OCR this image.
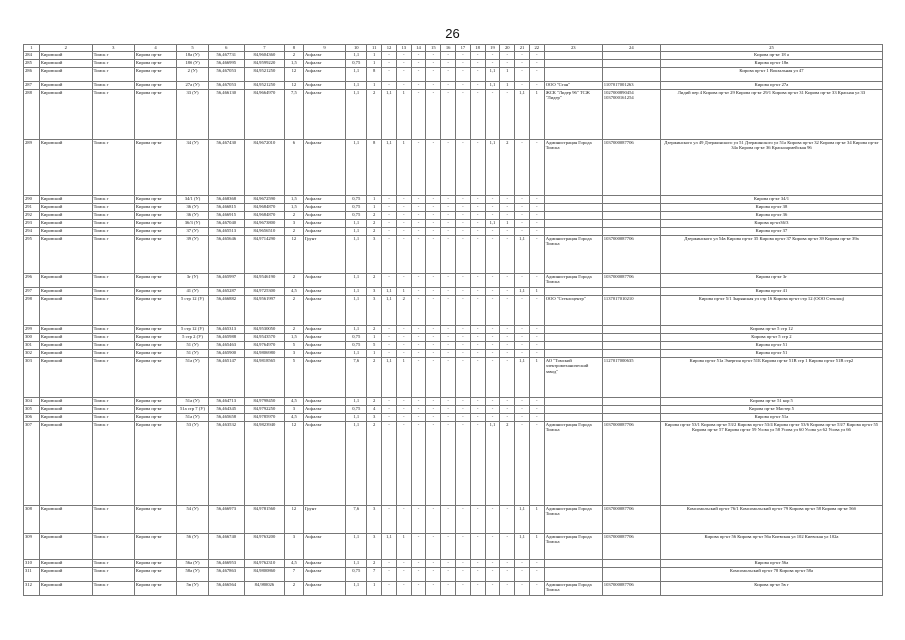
26
1	2	3	4	5	6	7	8	9	10	11	12	13	14	15	16	17	18	19	20	21	22	23	24	25
284	Кировский	Томск г	Кирова пр-кт	18а (У)	56,467731	84,9604360	2	Асфальт	1,1	1	-	-	-	-	-	-	-	-	-	-	-			Кирова пр-кт 18 а
285	Кировский	Томск г	Кирова пр-кт	18б (У)	56,466995	84,9599220	1,5	Асфальт	0,75	1	-	-	-	-	-	-	-	-	-	-	-			Кирова пр-кт 18в
286	Кировский	Томск г	Кирова пр-кт	2 (У)	56,467053	84,9521250	12	Асфальт	1,1	8	-	-	-	-	-	-	-	1,1	1	-	-			Кирова пр-кт 1 Вокзальная ул 47
287	Кировский	Томск г	Кирова пр-кт	27а (У)	56,467053	84,9521250	12	Асфальт	1,1	1	-	-	-	-	-	-	-	1,1	1	-	-	ООО "Стан"	1107017001263	Кирова пр-кт 27а
288	Кировский	Томск г	Кирова пр-кт	33 (У)	56,466130	84,9664970	7,5	Асфальт	1,1	2	1,1	1	-	-	-	-	-	-	-	1,1	1	ЖСК "Лидер 96" ТСЖ "Лидер"	1027000890454 1037000161254	Лидий пер 4 Кирова пр-кт 29 Кирова пр-кт 29/1 Кирова пр-кт 31 Кирова пр-кт 33 Красная ул 33
289	Кировский	Томск г	Кирова пр-кт	34 (У)	56,467430	84,9672010	6	Асфальт	1,1	8	1,1	1	-	-	-	-	-	1,1	2	-	-	Администрация Города Томска	1037000087706	Дзержинского ул 49 Дзержинского ул 51 Дзержинского ул 51а Кирова пр-кт 32 Кирова пр-кт 34 Кирова пр-кт 34а Кирова пр-кт 36 Красноармейская 96
290	Кировский	Томск г	Кирова пр-кт	34/1 (У)	56,468368	84,9672590	1,5	Асфальт	0,75	1	-	-	-	-	-	-	-	-	-	-	-			Кирова пр-кт 34/1
291	Кировский	Томск г	Кирова пр-кт	36 (У)	56,466815	84,9684870	1,5	Асфальт	0,75	1	-	-	-	-	-	-	-	-	-	-	-			Кирова пр-кт 38
292	Кировский	Томск г	Кирова пр-кт	36 (У)	56,466915	84,9684870	2	Асфальт	0,75	2	-	-	-	-	-	-	-	-	-	-	-			Кирова пр-кт 36
293	Кировский	Томск г	Кирова пр-кт	36/3 (У)	56,467040	84,9673800	3	Асфальт	1,1	2	-	-	-	-	-	-	-	1,1	1	-	-			Кирова пр-кт36/3
294	Кировский	Томск г	Кирова пр-кт	37 (У)	56,465513	84,9656510	2	Асфальт	1,1	2	-	-	-	-	-	-	-	-	-	-	-			Кирова пр-кт 37
295	Кировский	Томск г	Кирова пр-кт	39 (У)	56,465646	84,9714290	12	Грунт	1,1	3	-	-	-	-	-	-	-	-	-	1,1	-	Администрация Города Томска	1037000087706	Дзержинского ул 54в Кирова пр-кт 35 Кирова пр-кт 37 Кирова пр-кт 39 Кирова пр-кт 39а
296	Кировский	Томск г	Кирова пр-кт	3г (У)	56,465997	84,9546190	2	Асфальт	1,1	2	-	-	-	-	-	-	-	-	-	-	-	Администрация Города Томска	1037000087706	Кирова пр-кт 3г
297	Кировский	Томск г	Кирова пр-кт	41 (У)	56,465287	84,9725300	4,5	Асфальт	1,1	3	1,1	1	-	-	-	-	-	-	-	1,1	1			Кирова пр-кт 41
298	Кировский	Томск г	Кирова пр-кт	5 стр 12 (У)	56,466882	84,9561997	2	Асфальт	1,1	3	1,1	2	-	-	-	-	-	-	-	-	-	ООО "Стеклоцентр"	1137017010210	Кирова пр-кт 5/1 Зырянская ул стр 16 Кирова пр-кт стр 12 (ООО Стеклоц)
299	Кировский	Томск г	Кирова пр-кт	5 стр 12 (У)	56,465313	84,9530050	2	Асфальт	1,1	2	-	-	-	-	-	-	-	-	-	-	-			Кирова пр-кт 5 стр 12
300	Кировский	Томск г	Кирова пр-кт	5 стр 2 (У)	56,465988	84,9543570	1,5	Асфальт	0,75	1	-	-	-	-	-	-	-	-	-	-	-			Кирова пр-кт 5 стр 2
301	Кировский	Томск г	Кирова пр-кт	51 (У)	56,465463	84,9764970	5	Асфальт	0,75	5	-	-	-	-	-	-	-	-	-	-	-			Кирова пр-кт 51
302	Кировский	Томск г	Кирова пр-кт	51 (У)	56,465900	84,9806980	3	Асфальт	1,1	1	-	-	-	-	-	-	-	-	-	-	-			Кирова пр-кт 51
303	Кировский	Томск г	Кирова пр-кт	51а (У)	56,465147	84,9818565	5	Асфальт	7,6	2	1,1	1	-	-	-	-	-	-	-	1,1	1	АО "Томский электромеханический завод"	1127017000635	Кирова пр-кт 51а Энергия пр-кт 51Б Кирова пр-кт 51В стр 1 Кирова пр-кт 51В стр2
304	Кировский	Томск г	Кирова пр-кт	51а (У)	56,464713	84,9798450	4,5	Асфальт	1,1	2	-	-	-	-	-	-	-	-	-	-	-			Кирова пр-кт 51 кор 5
305	Кировский	Томск г	Кирова пр-кт	51а стр 7 (У)	56,464345	84,9792250	3	Асфальт	0,75	4	-	-	-	-	-	-	-	-	-	-	-			Кирова пр-кт Мастер 5
306	Кировский	Томск г	Кирова пр-кт	51а (У)	56,465658	84,9785970	4,5	Асфальт	1,1	3	-	-	-	-	-	-	-	-	-	-	-			Кирова пр-кт 51а
307	Кировский	Томск г	Кирова пр-кт	53 (У)	56,463532	84,9823940	12	Асфальт	1,1	2	-	-	-	-	-	-	-	1,1	2	-	-	Администрация Города Томска	1037000087706	Кирова пр-кт 53/1 Кирова пр-кт 53/2 Кирова пр-кт 53/4 Кирова пр-кт 53/6 Кирова пр-кт 53/7 Кирова пр-кт 55 Кирова пр-кт 57 Кирова пр-кт 59 Усова ул 58 Усова ул 60 Усова ул 62 Усова ул 66
308	Кировский	Томск г	Кирова пр-кт	54 (У)	56,466973	84,9781560	12	Грунт	7,6	3	-	-	-	-	-	-	-	-	-	1,1	1	Администрация Города Томска	1037000087706	Комсомольский пр-кт 76/1 Комсомольский пр-кт 79 Кирова пр-кт 58 Кирова пр-кт 56б
309	Кировский	Томск г	Кирова пр-кт	56 (У)	56,466740	84,9763200	3	Асфальт	1,1	3	1,1	1	-	-	-	-	-	-	-	1,1	1	Администрация Города Томска	1037000087706	Кирова пр-кт 56 Кирова пр-кт 56а Киевская ул 102 Киевская ул 102а
310	Кировский	Томск г	Кирова пр-кт	56а (У)	56,466953	84,9762310	4,5	Асфальт	1,1	2	-	-	-	-	-	-	-	-	-	-	-			Кирова пр-кт 56а
311	Кировский	Томск г	Кирова пр-кт	58а (У)	56,467863	84,9800860	7	Асфальт	0,75	7	-	-	-	-	-	-	-	-	-	-	-			Комсомольский пр-кт 78 Кирова пр-кт 58а
312	Кировский	Томск г	Кирова пр-кт	5в (У)	56,466564	84,980026	2	Асфальт	1,1	1	-	-	-	-	-	-	-	-	-	-	-	Администрация Города Томска	1037000087706	Кирова пр-кт 5в г
